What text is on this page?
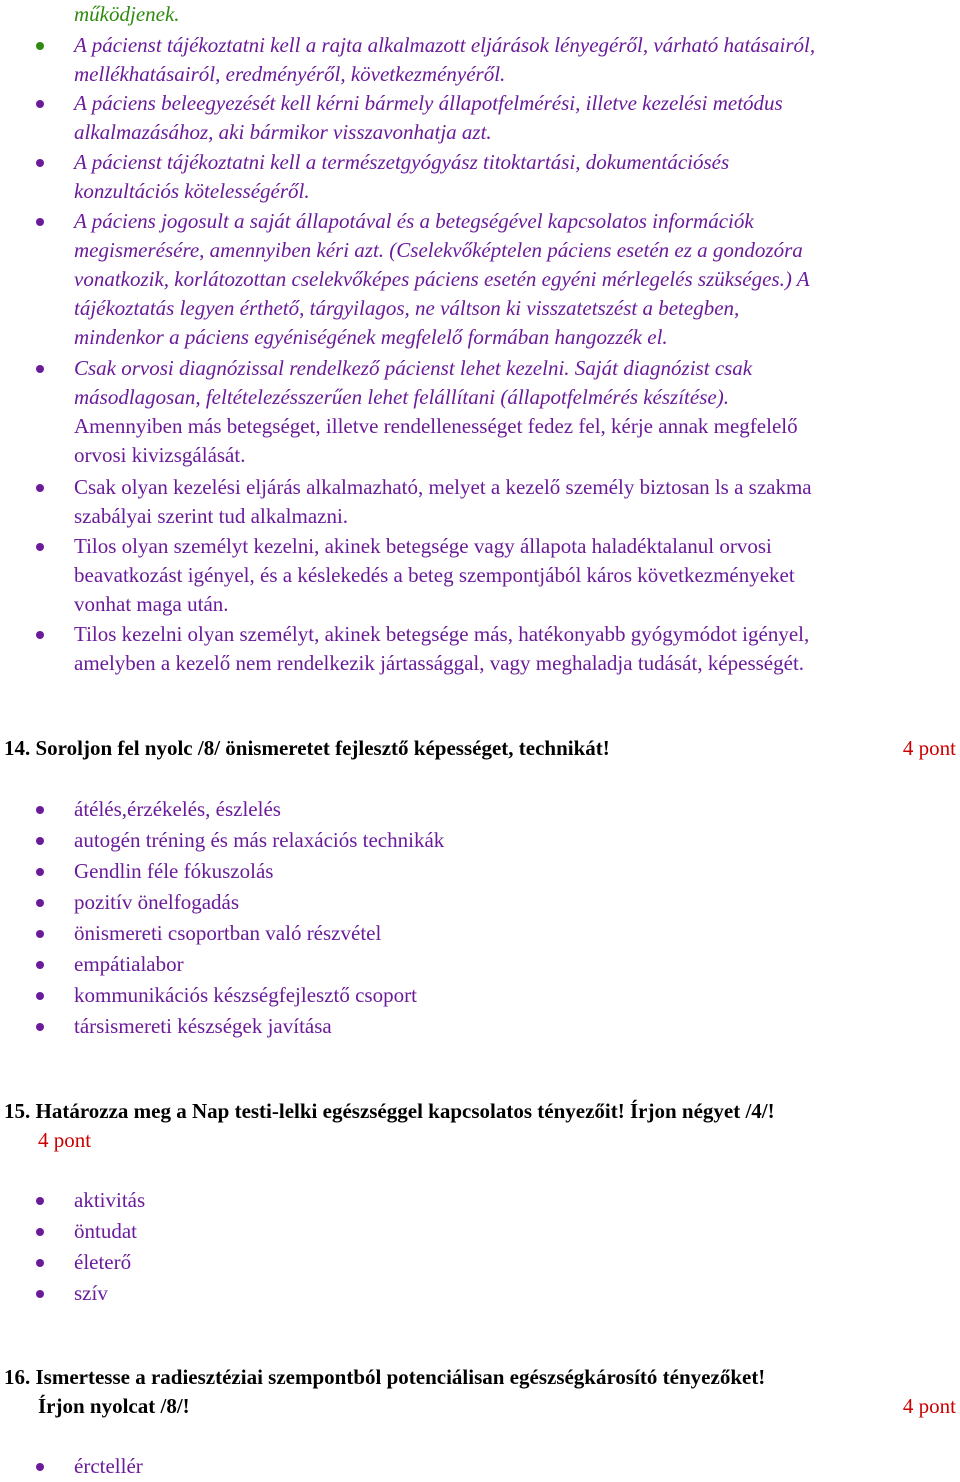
működjenek.
A pácienst tájékoztatni kell a rajta alkalmazott eljárások lényegéről, várható hatásairól,
mellékhatásairól, eredményéről, következményéről.
A páciens beleegyezését kell kérni bármely állapotfelmérési, illetve kezelési metódus
alkalmazásához, aki bármikor visszavonhatja azt.
A pácienst tájékoztatni kell a természetgyógyász titoktartási, dokumentációsés
konzultációs kötelességéről.
A páciens jogosult a saját állapotával és a betegségével kapcsolatos információk
megismerésére, amennyiben kéri azt. (Cselekvőképtelen páciens esetén ez a gondozóra
vonatkozik, korlátozottan cselekvőképes páciens esetén egyéni mérlegelés szükséges.) A
tájékoztatás legyen érthető, tárgyilagos, ne váltson ki visszatetszést a betegben,
mindenkor a páciens egyéniségének megfelelő formában hangozzék el.
Csak orvosi diagnózissal rendelkező pácienst lehet kezelni. Saját diagnózist csak
másodlagosan, feltételezésszerűen lehet felállítani (állapotfelmérés készítése).
Amennyiben más betegséget, illetve rendellenességet fedez fel, kérje annak megfelelő
orvosi kivizsgálását.
Csak olyan kezelési eljárás alkalmazható, melyet a kezelő személy biztosan ls a szakma
szabályai szerint tud alkalmazni.
Tilos olyan személyt kezelni, akinek betegsége vagy állapota haladéktalanul orvosi
beavatkozást igényel, és a késlekedés a beteg szempontjából káros következményeket
vonhat maga után.
Tilos kezelni olyan személyt, akinek betegsége más, hatékonyabb gyógymódot igényel,
amelyben a kezelő nem rendelkezik jártassággal, vagy meghaladja tudását, képességét.
14. Soroljon fel nyolc /8/ önismeretet fejlesztő képességet, technikát!	4 pont
átélés,érzékelés, észlelés
autogén tréning és más relaxációs technikák
Gendlin féle fókuszolás
pozitív önelfogadás
önismereti csoportban való részvétel
empátialabor
kommunikációs készségfejlesztő csoport
társismereti készségek javítása
15. Határozza meg a Nap testi-lelki egészséggel kapcsolatos tényezőit! Írjon négyet /4/!
4 pont
aktivitás
öntudat
életerő
szív
16. Ismertesse a radiesztéziai szempontból potenciálisan egészségkárosító tényezőket!
Írjon nyolcat /8/!	4 pont
érctellér
